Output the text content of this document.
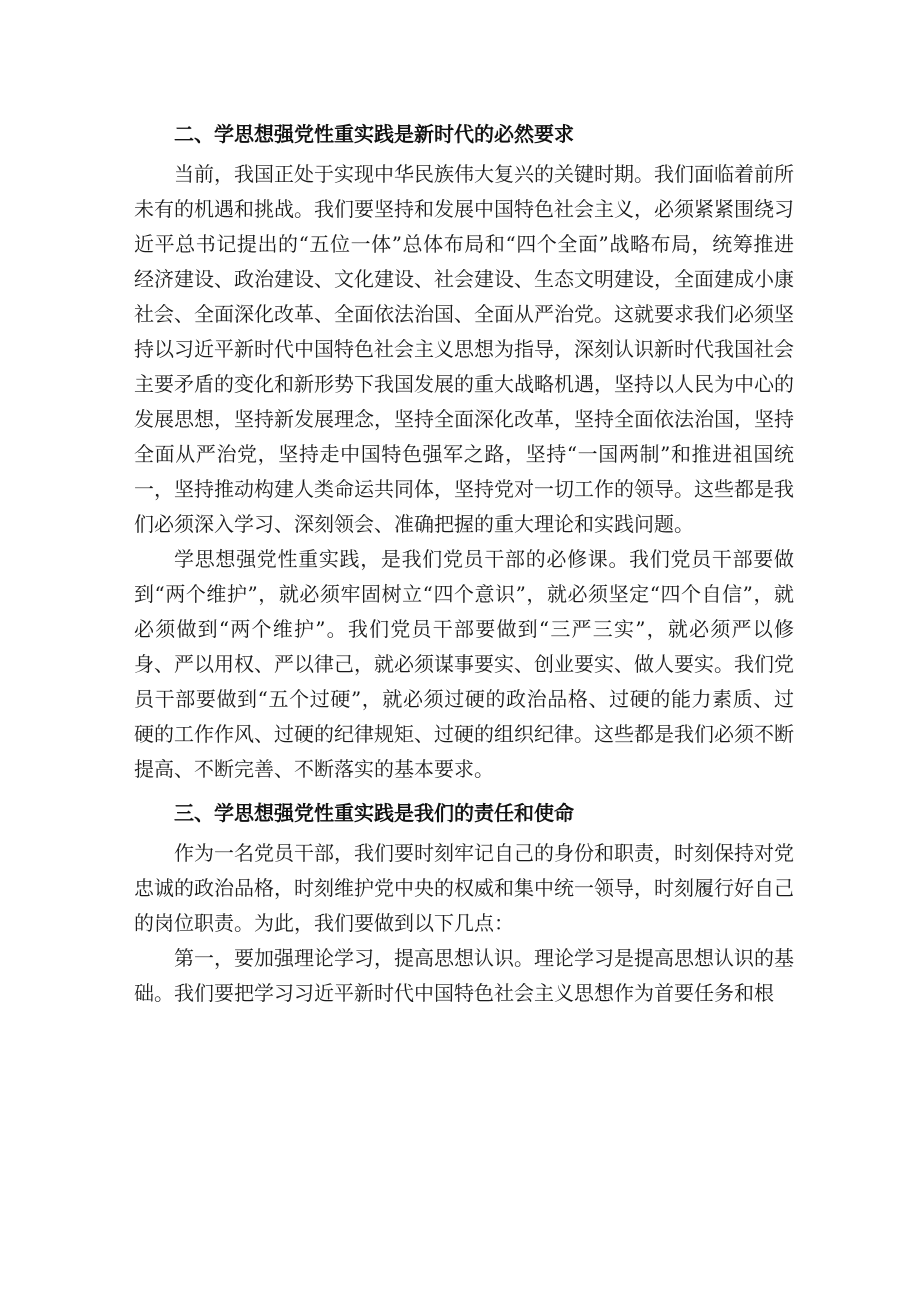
二、学思想强党性重实践是新时代的必然要求

当前，我国正处于实现中华民族伟大复兴的关键时期。我们面临着前所未有的机遇和挑战。我们要坚持和发展中国特色社会主义，必须紧紧围绕习近平总书记提出的“五位一体”总体布局和“四个全面”战略布局，统筹推进经济建设、政治建设、文化建设、社会建设、生态文明建设，全面建成小康社会、全面深化改革、全面依法治国、全面从严治党。这就要求我们必须坚持以习近平新时代中国特色社会主义思想为指导，深刻认识新时代我国社会主要矛盾的变化和新形势下我国发展的重大战略机遇，坚持以人民为中心的发展思想，坚持新发展理念，坚持全面深化改革，坚持全面依法治国，坚持全面从严治党，坚持走中国特色强军之路，坚持“一国两制”和推进祖国统一，坚持推动构建人类命运共同体，坚持党对一切工作的领导。这些都是我们必须深入学习、深刻领会、准确把握的重大理论和实践问题。

学思想强党性重实践，是我们党员干部的必修课。我们党员干部要做到“两个维护”，就必须牢固树立“四个意识”，就必须坚定“四个自信”，就必须做到“两个维护”。我们党员干部要做到“三严三实”，就必须严以修身、严以用权、严以律己，就必须谋事要实、创业要实、做人要实。我们党员干部要做到“五个过硬”，就必须过硬的政治品格、过硬的能力素质、过硬的工作作风、过硬的纪律规矩、过硬的组织纪律。这些都是我们必须不断提高、不断完善、不断落实的基本要求。

三、学思想强党性重实践是我们的责任和使命

作为一名党员干部，我们要时刻牢记自己的身份和职责，时刻保持对党忠诚的政治品格，时刻维护党中央的权威和集中统一领导，时刻履行好自己的岗位职责。为此，我们要做到以下几点：

第一，要加强理论学习，提高思想认识。理论学习是提高思想认识的基础。我们要把学习习近平新时代中国特色社会主义思想作为首要任务和根
